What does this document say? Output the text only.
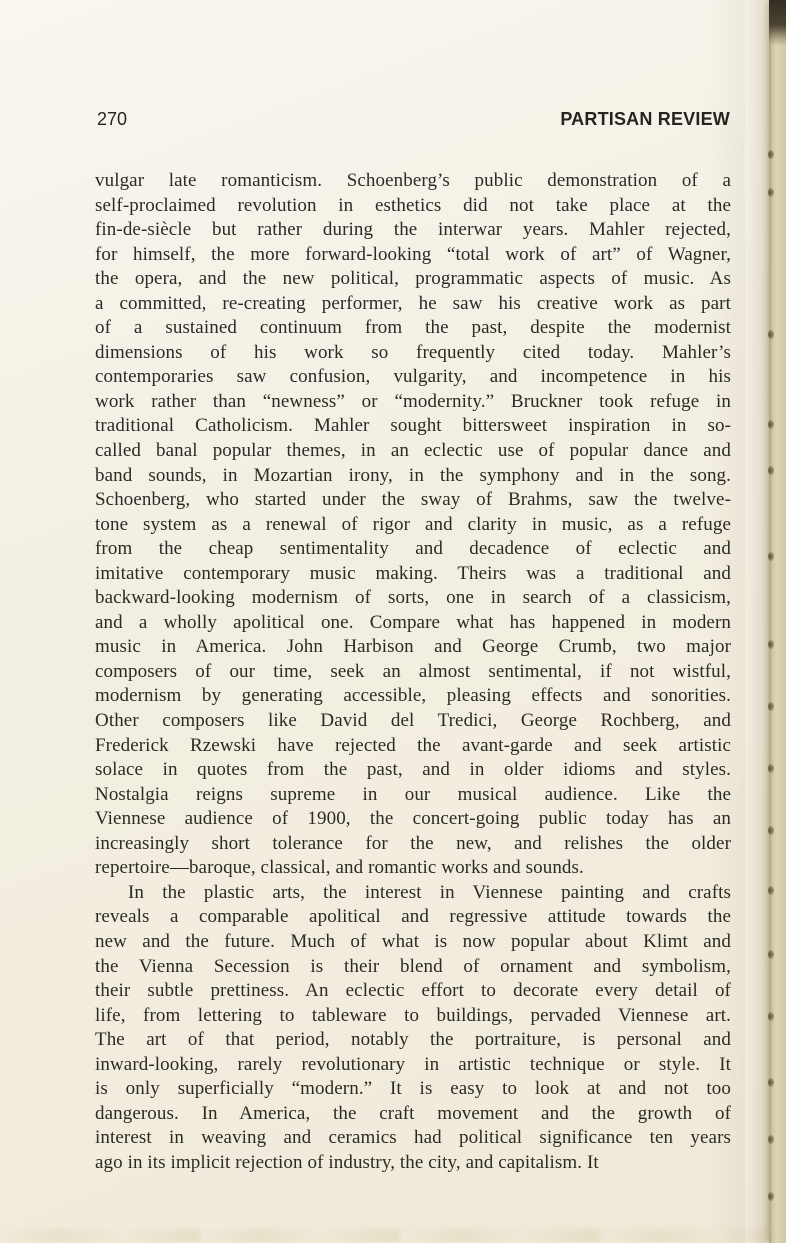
270	PARTISAN REVIEW
vulgar late romanticism. Schoenberg’s public demonstration of a
self-proclaimed revolution in esthetics did not take place at the
fin-de-siècle but rather during the interwar years. Mahler rejected,
for himself, the more forward-looking “total work of art” of Wagner,
the opera, and the new political, programmatic aspects of music. As
a committed, re-creating performer, he saw his creative work as part
of a sustained continuum from the past, despite the modernist
dimensions of his work so frequently cited today. Mahler’s
contemporaries saw confusion, vulgarity, and incompetence in his
work rather than “newness” or “modernity.” Bruckner took refuge in
traditional Catholicism. Mahler sought bittersweet inspiration in so-
called banal popular themes, in an eclectic use of popular dance and
band sounds, in Mozartian irony, in the symphony and in the song.
Schoenberg, who started under the sway of Brahms, saw the twelve-
tone system as a renewal of rigor and clarity in music, as a refuge
from the cheap sentimentality and decadence of eclectic and
imitative contemporary music making. Theirs was a traditional and
backward-looking modernism of sorts, one in search of a classicism,
and a wholly apolitical one. Compare what has happened in modern
music in America. John Harbison and George Crumb, two major
composers of our time, seek an almost sentimental, if not wistful,
modernism by generating accessible, pleasing effects and sonorities.
Other composers like David del Tredici, George Rochberg, and
Frederick Rzewski have rejected the avant-garde and seek artistic
solace in quotes from the past, and in older idioms and styles.
Nostalgia reigns supreme in our musical audience. Like the
Viennese audience of 1900, the concert-going public today has an
increasingly short tolerance for the new, and relishes the older
repertoire—baroque, classical, and romantic works and sounds.
In the plastic arts, the interest in Viennese painting and crafts
reveals a comparable apolitical and regressive attitude towards the
new and the future. Much of what is now popular about Klimt and
the Vienna Secession is their blend of ornament and symbolism,
their subtle prettiness. An eclectic effort to decorate every detail of
life, from lettering to tableware to buildings, pervaded Viennese art.
The art of that period, notably the portraiture, is personal and
inward-looking, rarely revolutionary in artistic technique or style. It
is only superficially “modern.” It is easy to look at and not too
dangerous. In America, the craft movement and the growth of
interest in weaving and ceramics had political significance ten years
ago in its implicit rejection of industry, the city, and capitalism. It
